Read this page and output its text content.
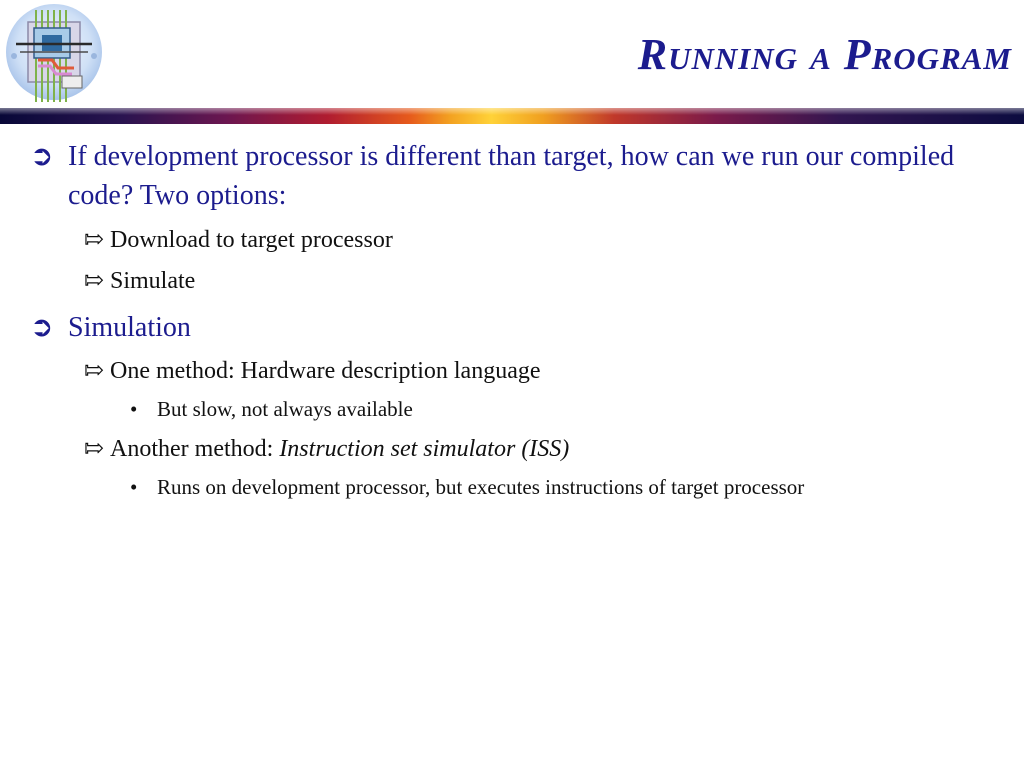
Running a Program
➲ If development processor is different than target, how can we run our compiled code? Two options:
⇰ Download to target processor
⇰ Simulate
➲ Simulation
⇰ One method: Hardware description language
• But slow, not always available
⇰ Another method: Instruction set simulator (ISS)
• Runs on development processor, but executes instructions of target processor
